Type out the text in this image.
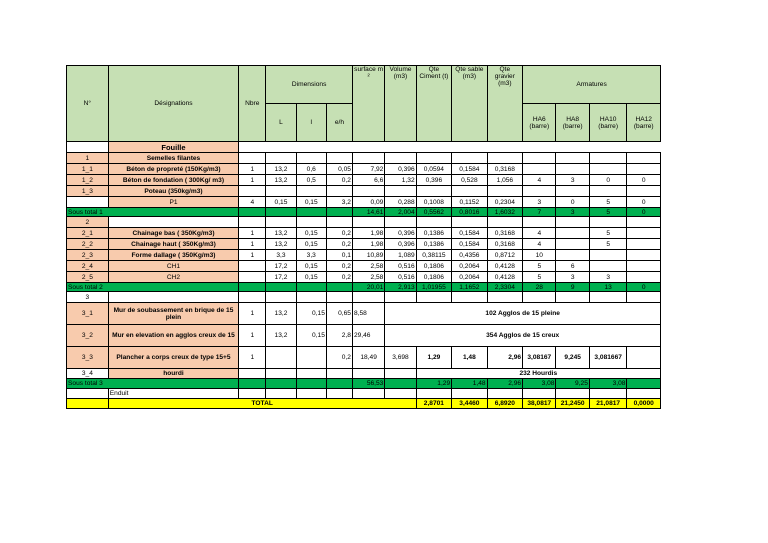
N°	Désignations	Nbre	Dimensions			surface m ²	Volume (m3)	Qte Ciment (t)	Qte sable (m3)	Qte gravier (m3)	Armatures			
			L	l	e/h						HA6 (barre)	HA8 (barre)	HA10 (barre)	HA12 (barre)
	Fouille													
1	Semelles filantes													
1_1	Béton de propreté (150Kg/m3)	1	13,2	0,6	0,05	7,92	0,396	0,0594	0,1584	0,3168				
1_2	Béton de fondation ( 300Kg/ m3)	1	13,2	0,5	0,2	6,6	1,32	0,396	0,528	1,056	4	3	0	0
1_3	Poteau (350kg/m3)													
	P1	4	0,15	0,15	3,2	0,09	0,288	0,1008	0,1152	0,2304	3	0	5	0
Sous total 1						14,61	2,004	0,5562	0,8016	1,6032	7	3	5	0
2														
2_1	Chainage bas ( 350Kg/m3)	1	13,2	0,15	0,2	1,98	0,396	0,1386	0,1584	0,3168	4		5	
2_2	Chainage haut ( 350Kg/m3)	1	13,2	0,15	0,2	1,98	0,396	0,1386	0,1584	0,3168	4		5	
2_3	Forme dallage ( 350Kg/m3)	1	3,3	3,3	0,1	10,89	1,089	0,38115	0,4356	0,8712	10			
2_4	CH1		17,2	0,15	0,2	2,58	0,516	0,1806	0,2064	0,4128	5	6		
2_5	CH2		17,2	0,15	0,2	2,58	0,516	0,1806	0,2064	0,4128	5	3	3	
Sous total 2						20,01	2,913	1,01955	1,1652	2,3304	28	9	13	0
3														
3_1	Mur de soubassement en brique de 15 plein	1	13,2	0,15	0,65	8,58	102 Agglos de 15 pleine							
3_2	Mur en elevation en agglos creux de 15	1	13,2	0,15	2,8	29,46	354 Agglos de 15 creux							
3_3	Plancher a corps creux de type 15+5	1			0,2	18,49	3,698	1,29	1,48	2,96	3,08167	9,245	3,081667	
3_4	hourdi							232 Hourdis						
Sous total 3						56,53		1,29	1,48	2,96	3,08	9,25	3,08	
	Enduit													
	TOTAL							2,8701	3,4460	6,8920	38,0817	21,2450	21,0817	0,0000
